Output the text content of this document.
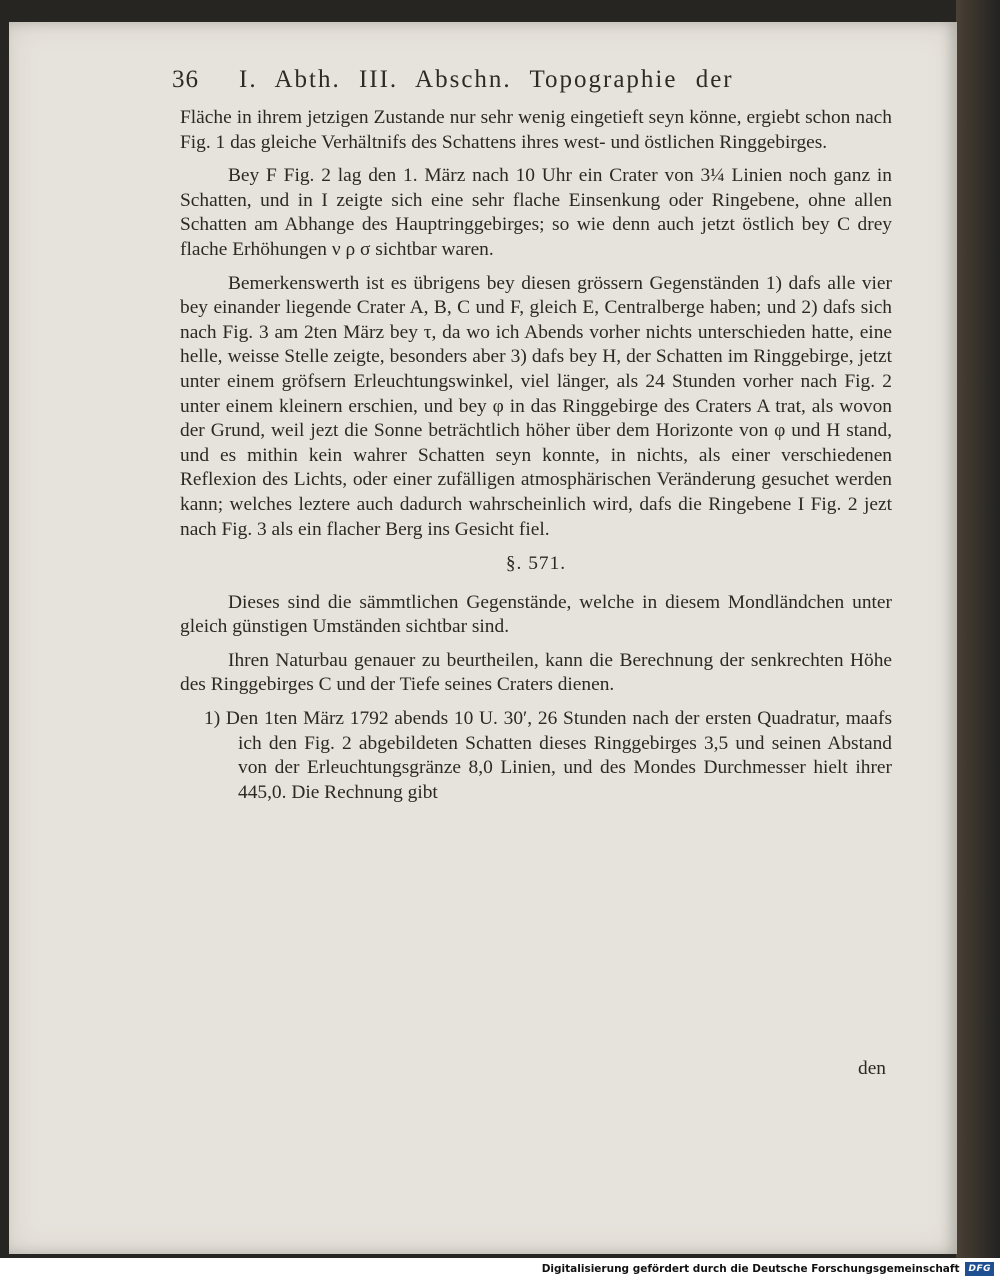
36 I. Abth. III. Abschn. Topographie der

Fläche in ihrem jetzigen Zustande nur sehr wenig eingetieft seyn könne, ergiebt schon nach Fig. 1 das gleiche Verhältnifs des Schattens ihres west- und östlichen Ringgebirges.

Bey F Fig. 2 lag den 1. März nach 10 Uhr ein Crater von 3¼ Linien noch ganz in Schatten, und in I zeigte sich eine sehr flache Einsenkung oder Ringebene, ohne allen Schatten am Abhange des Hauptringgebirges; so wie denn auch jetzt östlich bey C drey flache Erhöhungen ν ρ σ sichtbar waren.

Bemerkenswerth ist es übrigens bey diesen grössern Gegenständen 1) dafs alle vier bey einander liegende Crater A, B, C und F, gleich E, Centralberge haben; und 2) dafs sich nach Fig. 3 am 2ten März bey τ, da wo ich Abends vorher nichts unterschieden hatte, eine helle, weisse Stelle zeigte, besonders aber 3) dafs bey H, der Schatten im Ringgebirge, jetzt unter einem gröfsern Erleuchtungswinkel, viel länger, als 24 Stunden vorher nach Fig. 2 unter einem kleinern erschien, und bey φ in das Ringgebirge des Craters A trat, als wovon der Grund, weil jezt die Sonne beträchtlich höher über dem Horizonte von φ und H stand, und es mithin kein wahrer Schatten seyn konnte, in nichts, als einer verschiedenen Reflexion des Lichts, oder einer zufälligen atmosphärischen Veränderung gesuchet werden kann; welches leztere auch dadurch wahrscheinlich wird, dafs die Ringebene I Fig. 2 jezt nach Fig. 3 als ein flacher Berg ins Gesicht fiel.

§. 571.

Dieses sind die sämmtlichen Gegenstände, welche in diesem Mondländchen unter gleich günstigen Umständen sichtbar sind.

Ihren Naturbau genauer zu beurtheilen, kann die Berechnung der senkrechten Höhe des Ringgebirges C und der Tiefe seines Craters dienen.

1) Den 1ten März 1792 abends 10 U. 30′, 26 Stunden nach der ersten Quadratur, maafs ich den Fig. 2 abgebildeten Schatten dieses Ringgebirges 3,5 und seinen Abstand von der Erleuchtungsgränze 8,0 Linien, und des Mondes Durchmesser hielt ihrer 445,0. Die Rechnung gibt

den
Digitalisierung gefördert durch die Deutsche Forschungsgemeinschaft	DFG
